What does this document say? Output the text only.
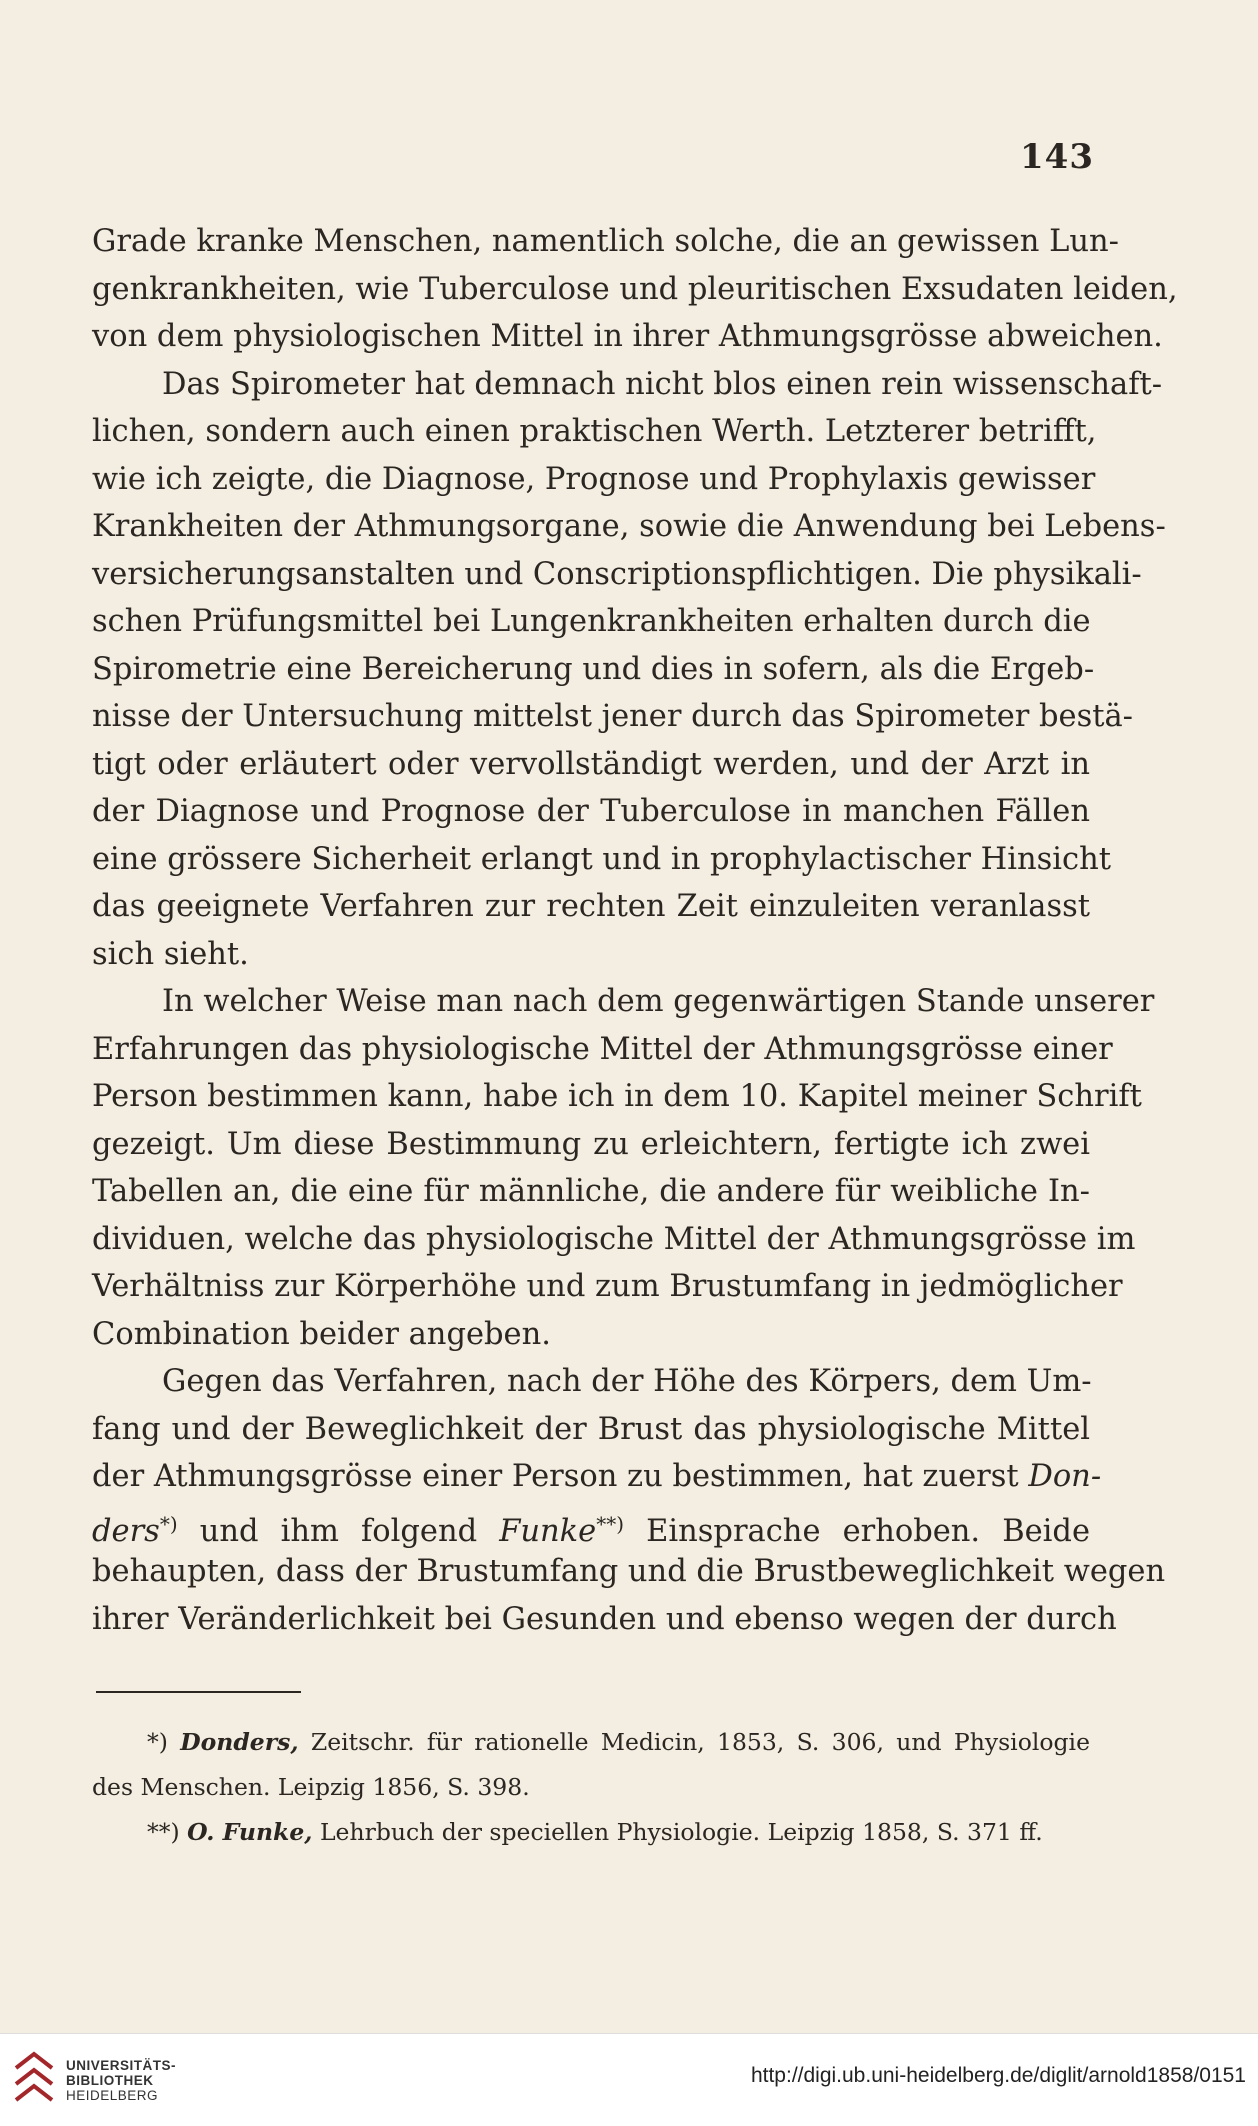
143
Grade kranke Menschen, namentlich solche, die an gewissen Lun-
genkrankheiten, wie Tuberculose und pleuritischen Exsudaten leiden,
von dem physiologischen Mittel in ihrer Athmungsgrösse abweichen.
Das Spirometer hat demnach nicht blos einen rein wissenschaft-
lichen, sondern auch einen praktischen Werth. Letzterer betrifft,
wie ich zeigte, die Diagnose, Prognose und Prophylaxis gewisser
Krankheiten der Athmungsorgane, sowie die Anwendung bei Lebens-
versicherungsanstalten und Conscriptionspflichtigen. Die physikali-
schen Prüfungsmittel bei Lungenkrankheiten erhalten durch die
Spirometrie eine Bereicherung und dies in sofern, als die Ergeb-
nisse der Untersuchung mittelst jener durch das Spirometer bestä-
tigt oder erläutert oder vervollständigt werden, und der Arzt in
der Diagnose und Prognose der Tuberculose in manchen Fällen
eine grössere Sicherheit erlangt und in prophylactischer Hinsicht
das geeignete Verfahren zur rechten Zeit einzuleiten veranlasst
sich sieht.
In welcher Weise man nach dem gegenwärtigen Stande unserer
Erfahrungen das physiologische Mittel der Athmungsgrösse einer
Person bestimmen kann, habe ich in dem 10. Kapitel meiner Schrift
gezeigt. Um diese Bestimmung zu erleichtern, fertigte ich zwei
Tabellen an, die eine für männliche, die andere für weibliche In-
dividuen, welche das physiologische Mittel der Athmungsgrösse im
Verhältniss zur Körperhöhe und zum Brustumfang in jedmöglicher
Combination beider angeben.
Gegen das Verfahren, nach der Höhe des Körpers, dem Um-
fang und der Beweglichkeit der Brust das physiologische Mittel
der Athmungsgrösse einer Person zu bestimmen, hat zuerst Don-
ders*) und ihm folgend Funke**) Einsprache erhoben. Beide
behaupten, dass der Brustumfang und die Brustbeweglichkeit wegen
ihrer Veränderlichkeit bei Gesunden und ebenso wegen der durch
*) Donders, Zeitschr. für rationelle Medicin, 1853, S. 306, und Physiologie
des Menschen. Leipzig 1856, S. 398.
**) O. Funke, Lehrbuch der speciellen Physiologie. Leipzig 1858, S. 371 ff.
UNIVERSITÄTS-
BIBLIOTHEK
HEIDELBERG
http://digi.ub.uni-heidelberg.de/diglit/arnold1858/0151
